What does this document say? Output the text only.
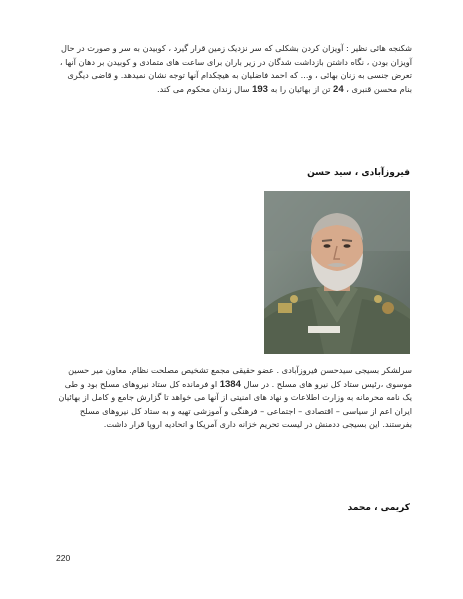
شکنجه هائی نظیر : آویزان کردن بشکلی که سر نزدیک زمین قرار گیرد ، کوبیدن به سر و صورت در حال آویزان بودن ، نگاه داشتن بازداشت شدگان در زیر باران برای ساعت های متمادی و کوبیدن بر دهان آنها ، تعرض جنسی به زنان بهائی ، و... که احمد فاضلیان به هیچکدام آنها توجه نشان نمیدهد. و قاضی دیگری بنام محسن قنبری ، 24 تن از بهائیان را به 193 سال زندان محکوم می کند.
فیروزآبادی ، سید حسن
سرلشکر بسیجی سیدحسن فیروزآبادی . عضو حقیقی مجمع تشخیص مصلحت نظام. معاون میر حسین موسوی ،رئیس ستاد کل نیرو های مسلح . در سال 1384 او فرمانده کل ستاد نیروهای مسلح بود و طی یک نامه محرمانه به وزارت اطلاعات و نهاد های امنیتی از آنها می خواهد تا گزارش جامع و کامل از بهائیان ایران اعم از سیاسی – اقتصادی – اجتماعی – فرهنگی و آموزشی تهیه و به ستاد کل نیروهای مسلح بفرستند. این بسیجی ددمنش در لیست تحریم خزانه داری آمریکا و اتحادیه اروپا قرار داشت.
کریمی ، محمد
220
